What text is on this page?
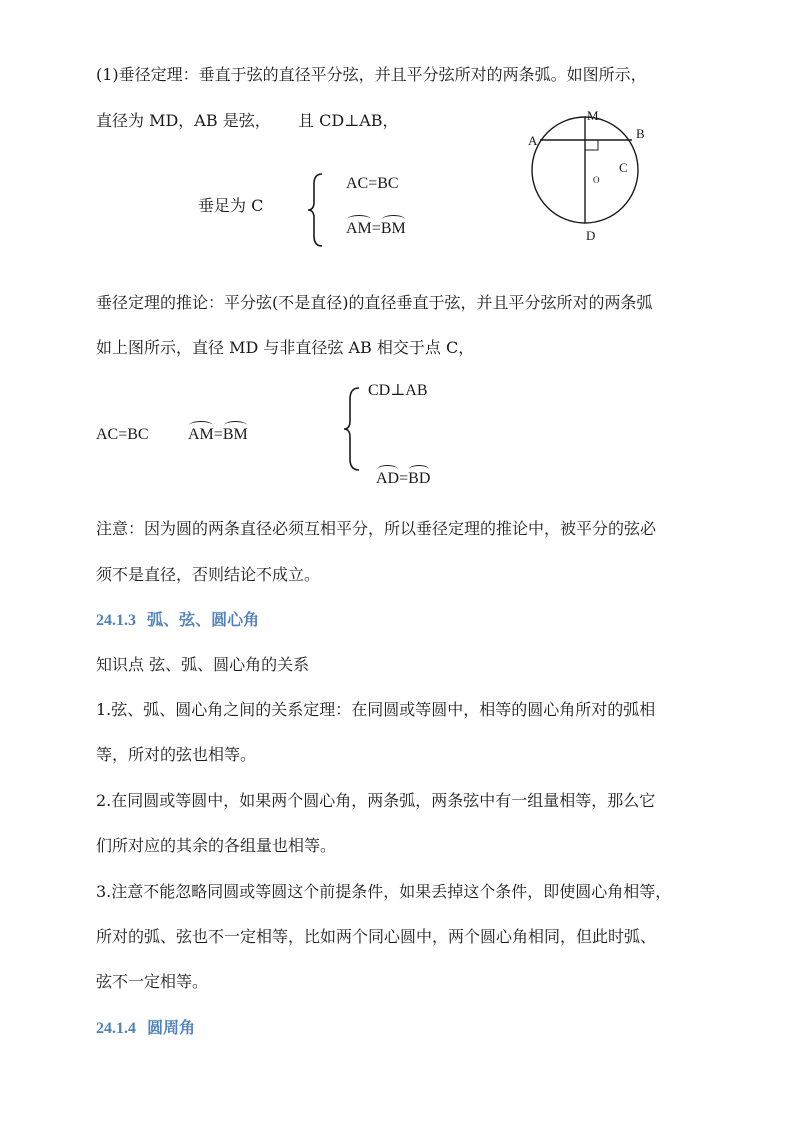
(1)垂径定理：垂直于弦的直径平分弦，并且平分弦所对的两条弧。如图所示，
直径为 MD，AB 是弦， 且 CD⊥AB，
垂足为 C
AC=BC
AM=BM
M
A	B
C
O
D
垂径定理的推论：平分弦(不是直径)的直径垂直于弦，并且平分弦所对的两条弧
如上图所示，直径 MD 与非直径弦 AB 相交于点 C，
AC=BC AM=BM
CD⊥AB
AD=BD
注意：因为圆的两条直径必须互相平分，所以垂径定理的推论中，被平分的弦必
须不是直径，否则结论不成立。
24.1.3 弧、弦、圆心角
知识点 弦、弧、圆心角的关系
1.弦、弧、圆心角之间的关系定理：在同圆或等圆中，相等的圆心角所对的弧相
等，所对的弦也相等。
2.在同圆或等圆中，如果两个圆心角，两条弧，两条弦中有一组量相等，那么它
们所对应的其余的各组量也相等。
3.注意不能忽略同圆或等圆这个前提条件，如果丢掉这个条件，即使圆心角相等，
所对的弧、弦也不一定相等，比如两个同心圆中，两个圆心角相同，但此时弧、
弦不一定相等。
24.1.4 圆周角
